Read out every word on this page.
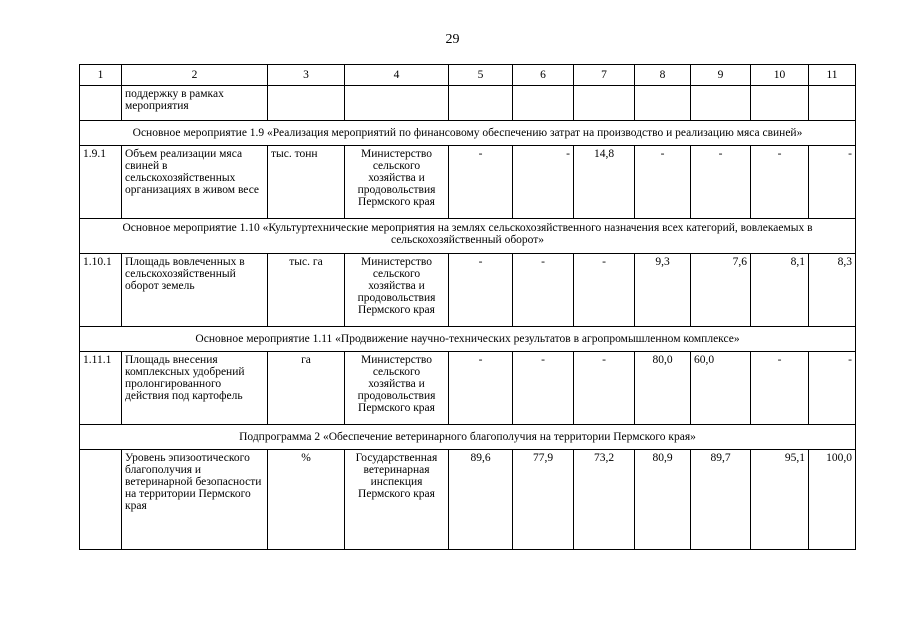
29
1	2	3	4	5	6	7	8	9	10	11
	поддержку в рамках мероприятия									
Основное мероприятие 1.9 «Реализация мероприятий по финансовому обеспечению затрат на производство и реализацию мяса свиней»										
1.9.1	Объем реализации мяса свиней в сельскохозяйственных организациях в живом весе	тыс. тонн	Министерство сельского хозяйства и продовольствия Пермского края	-	-	14,8	-	-	-	-
Основное мероприятие 1.10 «Культуртехнические мероприятия на землях сельскохозяйственного назначения всех категорий, вовлекаемых в сельскохозяйственный оборот»										
1.10.1	Площадь вовлеченных в сельскохозяйственный оборот земель	тыс. га	Министерство сельского хозяйства и продовольствия Пермского края	-	-	-	9,3	7,6	8,1	8,3
Основное мероприятие 1.11 «Продвижение научно-технических результатов в агропромышленном комплексе»										
1.11.1	Площадь внесения комплексных удобрений пролонгированного действия под картофель	га	Министерство сельского хозяйства и продовольствия Пермского края	-	-	-	80,0	60,0	-	-
Подпрограмма 2 «Обеспечение ветеринарного благополучия на территории Пермского края»										
	Уровень эпизоотического благополучия и ветеринарной безопасности на территории Пермского края	%	Государственная ветеринарная инспекция Пермского края	89,6	77,9	73,2	80,9	89,7	95,1	100,0
